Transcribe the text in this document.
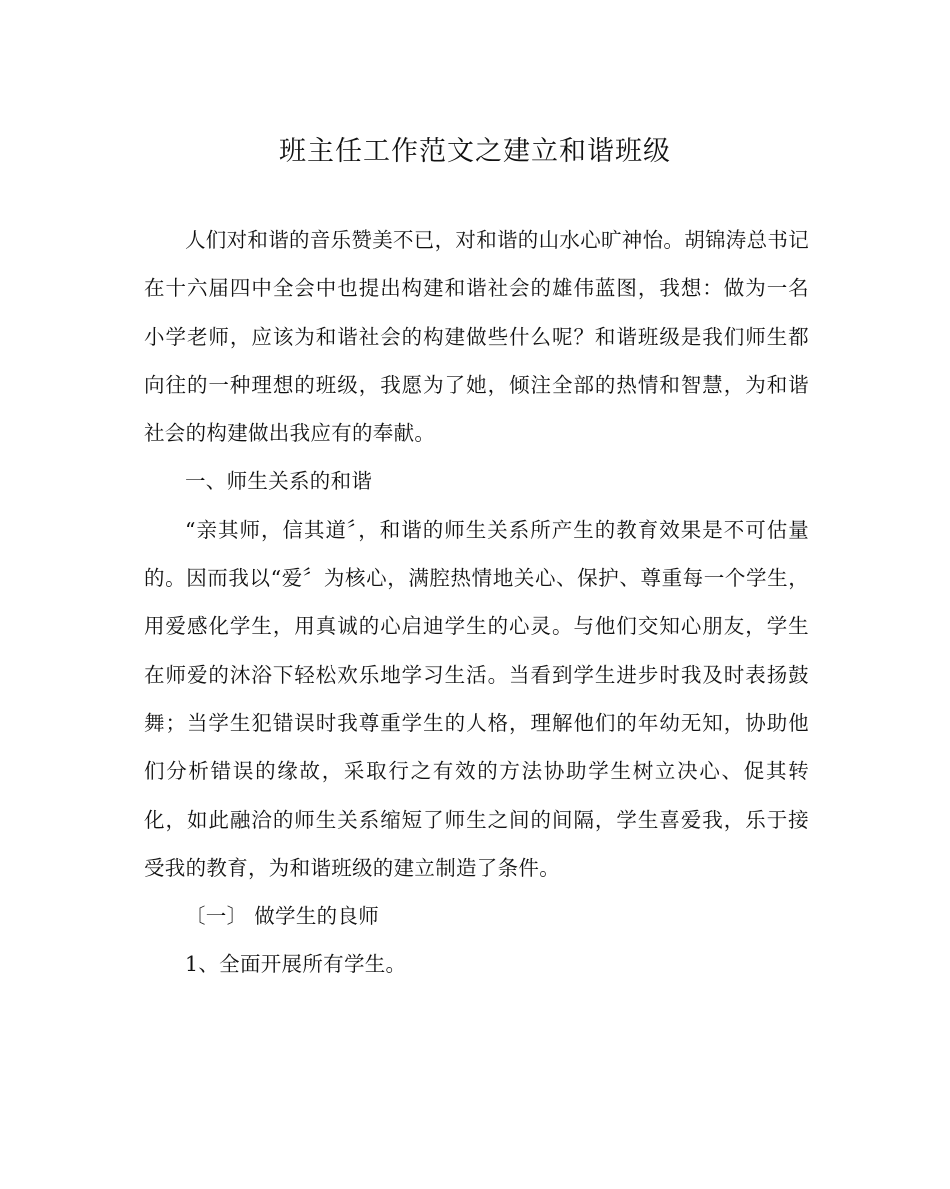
班主任工作范文之建立和谐班级

人们对和谐的音乐赞美不已，对和谐的山水心旷神怡。胡锦涛总书记在十六届四中全会中也提出构建和谐社会的雄伟蓝图，我想：做为一名小学老师，应该为和谐社会的构建做些什么呢？和谐班级是我们师生都向往的一种理想的班级，我愿为了她，倾注全部的热情和智慧，为和谐社会的构建做出我应有的奉献。

一、师生关系的和谐

“亲其师，信其道〞，和谐的师生关系所产生的教育效果是不可估量的。因而我以“爱〞为核心，满腔热情地关心、保护、尊重每一个学生，用爱感化学生，用真诚的心启迪学生的心灵。与他们交知心朋友，学生在师爱的沐浴下轻松欢乐地学习生活。当看到学生进步时我及时表扬鼓舞；当学生犯错误时我尊重学生的人格，理解他们的年幼无知，协助他们分析错误的缘故，采取行之有效的方法协助学生树立决心、促其转化，如此融洽的师生关系缩短了师生之间的间隔，学生喜爱我，乐于接受我的教育，为和谐班级的建立制造了条件。

〔一〕 做学生的良师

1、全面开展所有学生。
